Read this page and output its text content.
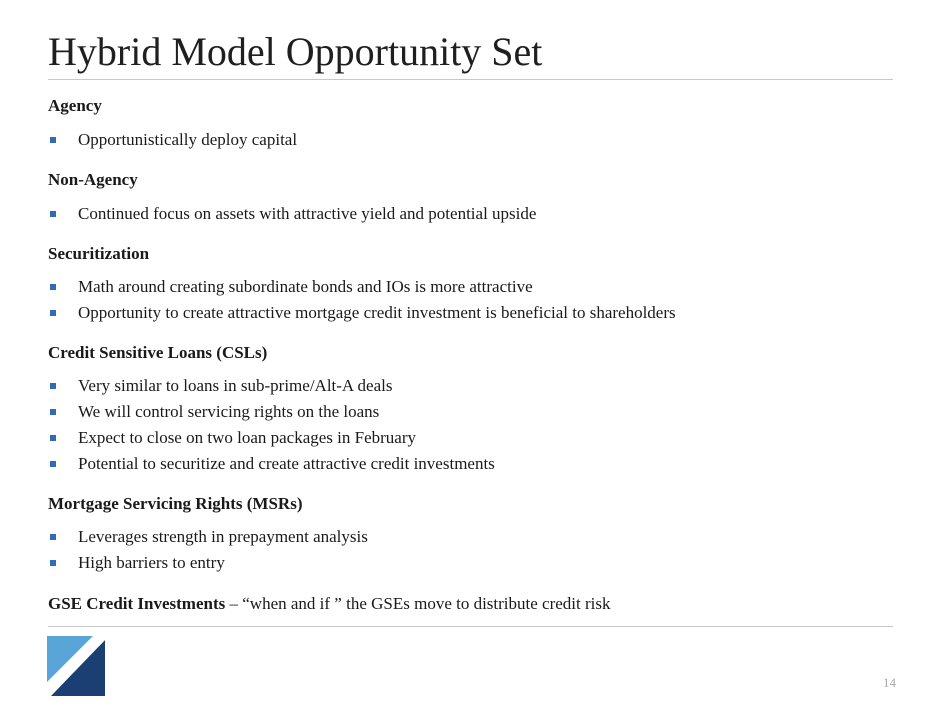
Hybrid Model Opportunity Set
Agency
Opportunistically deploy capital
Non-Agency
Continued focus on assets with attractive yield and potential upside
Securitization
Math around creating subordinate bonds and IOs is more attractive
Opportunity to create attractive mortgage credit investment is beneficial to shareholders
Credit Sensitive Loans (CSLs)
Very similar to loans in sub-prime/Alt-A deals
We will control servicing rights on the loans
Expect to close on two loan packages in February
Potential to securitize and create attractive credit investments
Mortgage Servicing Rights (MSRs)
Leverages strength in prepayment analysis
High barriers to entry
GSE Credit Investments – “when and if ” the GSEs move to distribute credit risk
14
